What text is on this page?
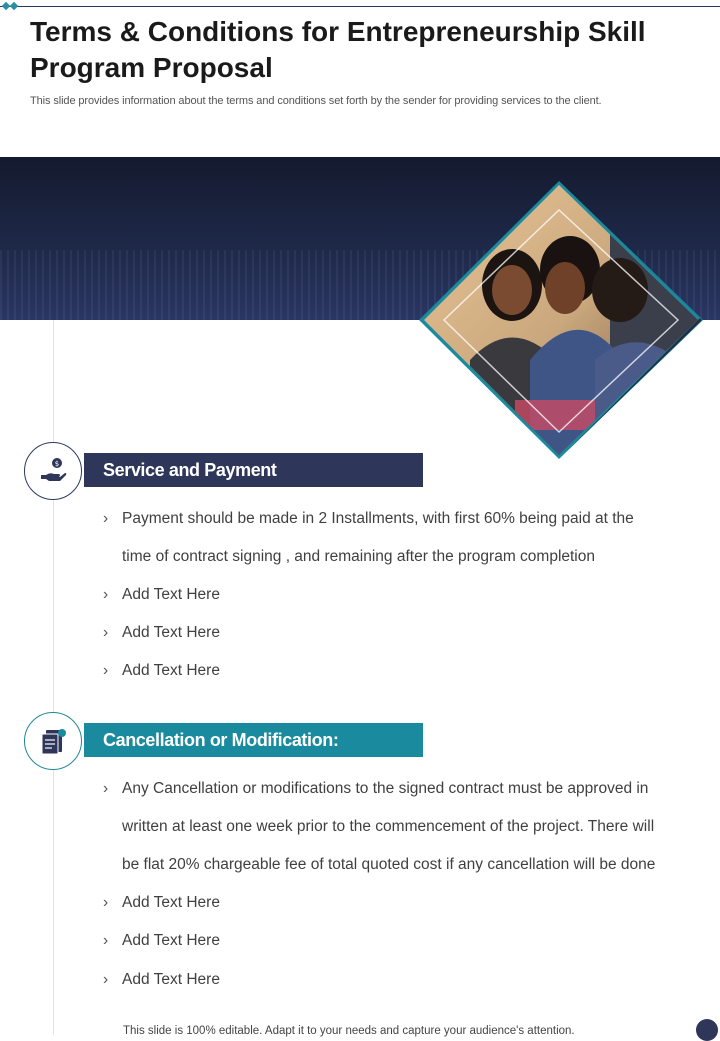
Terms & Conditions for Entrepreneurship Skill Program Proposal

This slide provides information about the terms and conditions set forth by the sender for providing services to the client.

$	Service and Payment
› Payment should be made in 2 Installments, with first 60% being paid at the
time of contract signing , and remaining after the program completion
› Add Text Here
› Add Text Here
› Add Text Here
Cancellation or Modification:
› Any Cancellation or modifications to the signed contract must be approved in
written at least one week prior to the commencement of the project. There will
be flat 20% chargeable fee of total quoted cost if any cancellation will be done
› Add Text Here
› Add Text Here
› Add Text Here
This slide is 100% editable. Adapt it to your needs and capture your audience's attention.
